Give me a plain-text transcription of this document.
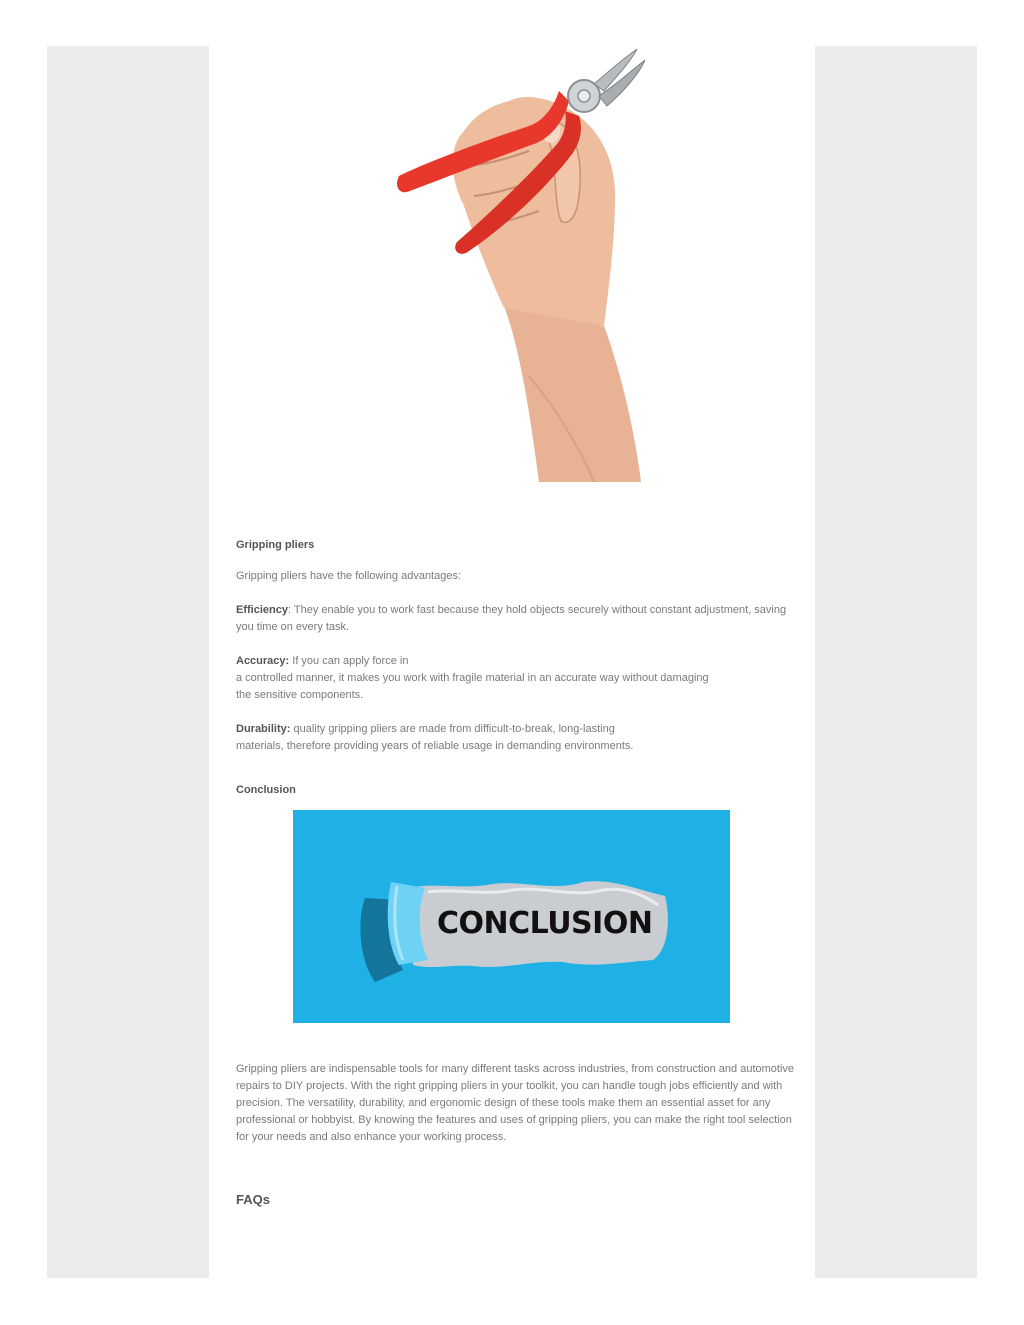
Gripping pliers
Gripping pliers have the following advantages:
Efficiency: They enable you to work fast because they hold objects securely without constant adjustment, saving you time on every task.
Accuracy: If you can apply force in
a controlled manner, it makes you work with fragile material in an accurate way without damaging
the sensitive components.
Durability: quality gripping pliers are made from difficult-to-break, long-lasting
materials, therefore providing years of reliable usage in demanding environments.
Conclusion
CONCLUSION
Gripping pliers are indispensable tools for many different tasks across industries, from construction and automotive repairs to DIY projects. With the right gripping pliers in your toolkit, you can handle tough jobs efficiently and with precision. The versatility, durability, and ergonomic design of these tools make them an essential asset for any professional or hobbyist. By knowing the features and uses of gripping pliers, you can make the right tool selection for your needs and also enhance your working process.
FAQs
